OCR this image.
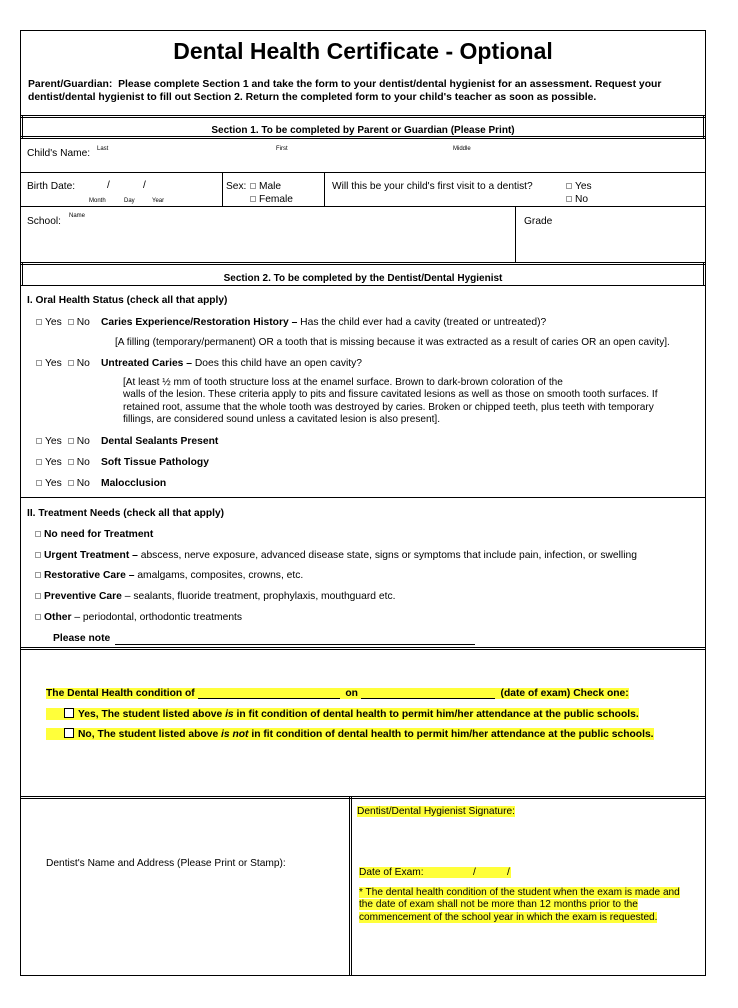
Dental Health Certificate - Optional
Parent/Guardian: Please complete Section 1 and take the form to your dentist/dental hygienist for an assessment. Request your dentist/dental hygienist to fill out Section 2. Return the completed form to your child's teacher as soon as possible.
Section 1. To be completed by Parent or Guardian (Please Print)
Child's Name: Last	First	Middle
Birth Date:	/	/
Month	Day	Year
Sex:	Male
Female
Will this be your child's first visit to a dentist?	Yes
No
School: Name	Grade
Section 2. To be completed by the Dentist/Dental Hygienist
I. Oral Health Status (check all that apply)
Yes No Caries Experience/Restoration History – Has the child ever had a cavity (treated or untreated)?
[A filling (temporary/permanent) OR a tooth that is missing because it was extracted as a result of caries OR an open cavity].
Yes No Untreated Caries – Does this child have an open cavity?
[At least ½ mm of tooth structure loss at the enamel surface. Brown to dark-brown coloration of the
walls of the lesion. These criteria apply to pits and fissure cavitated lesions as well as those on smooth tooth surfaces. If
retained root, assume that the whole tooth was destroyed by caries. Broken or chipped teeth, plus teeth with temporary
fillings, are considered sound unless a cavitated lesion is also present].
Yes No Dental Sealants Present
Yes No Soft Tissue Pathology
Yes No Malocclusion
II. Treatment Needs (check all that apply)
No need for Treatment
Urgent Treatment – abscess, nerve exposure, advanced disease state, signs or symptoms that include pain, infection, or swelling
Restorative Care – amalgams, composites, crowns, etc.
Preventive Care – sealants, fluoride treatment, prophylaxis, mouthguard etc.
Other – periodontal, orthodontic treatments
Please note
The Dental Health condition of	on	(date of exam) Check one:
Yes, The student listed above is in fit condition of dental health to permit him/her attendance at the public schools.
No, The student listed above is not in fit condition of dental health to permit him/her attendance at the public schools.
Dentist's Name and Address (Please Print or Stamp):
Dentist/Dental Hygienist Signature:
Date of Exam:	/	/
* The dental health condition of the student when the exam is made and
the date of exam shall not be more than 12 months prior to the
commencement of the school year in which the exam is requested.
